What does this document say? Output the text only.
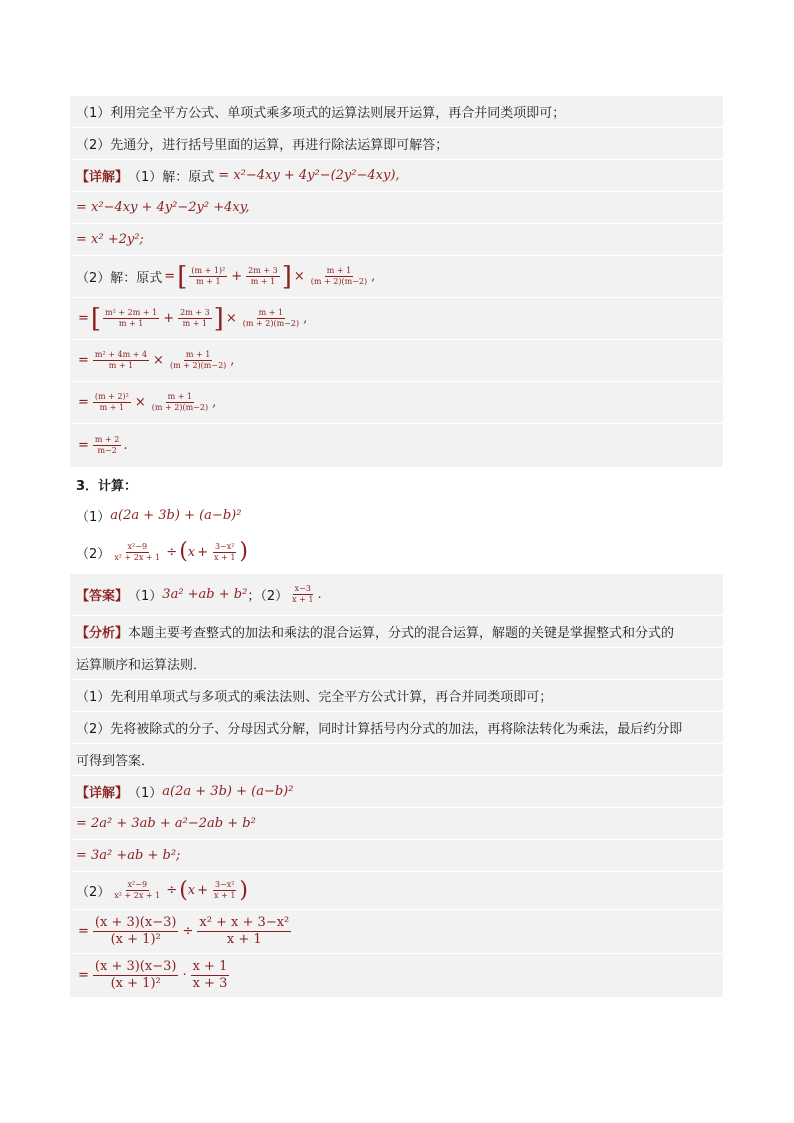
（1）利用完全平方公式、单项式乘多项式的运算法则展开运算，再合并同类项即可；
（2）先通分，进行括号里面的运算，再进行除法运算即可解答；
【详解】 （1）解：原式 = x²−4xy + 4y²−(2y²−4xy),
= x²−4xy + 4y²−2y² +4xy,
= x² +2y²;
（2）解：原式 = [ $\frac{\text{(m + 1)²}}{m + 1} + \frac{2m + 3}{m + 1}$ ] × $\frac{m + 1}{(m + 2)(m-2)}$ ,
= [ $\frac{\text{m² + 2m + 1}}{m + 1} + \frac{2m + 3}{m + 1}$ ] × $\frac{m + 1}{(m + 2)(m-2)}$ ,
= $\frac{\text{m² + 4m + 4}}{m + 1} \times \frac{m + 1}{(m + 2)(m-2)}$ ,
= $\frac{\text{(m + 2)²}}{m + 1} \times \frac{m + 1}{(m + 2)(m-2)}$ ,
= $\frac{m + 2}{m-2}$ .
3．计算：
（1） a(2a + 3b) + (a−b)²
$(2) \frac{\text{x²−9}}{\text{x² + 2x + 1}}$ ÷ ( $x + \frac{\text{3−x²}}{x + 1}$ )
【答案】 （1） 3a² +ab + b² ；$(2) \frac{x-3}{x + 1}$ .
【分析】 本题主要考查整式的加法和乘法的混合运算，分式的混合运算，解题的关键是掌握整式和分式的
运算顺序和运算法则．
（1）先利用单项式与多项式的乘法法则、完全平方公式计算，再合并同类项即可；
（2）先将被除式的分子、分母因式分解，同时计算括号内分式的加法，再将除法转化为乘法，最后约分即
可得到答案．
【详解】 （1） a(2a + 3b) + (a−b)²
= 2a² + 3ab + a²−2ab + b²
= 3a² +ab + b²;
$(2) \frac{\text{x²−9}}{\text{x² + 2x + 1}}$ ÷ ( $x + \frac{\text{3−x²}}{x + 1}$ )
= $\frac{(x + 3)(x-3)}{\text{(x + 1)²}} \div \frac{\text{x² + x + 3−x²}}{x + 1}$
= $\frac{(x + 3)(x-3)}{\text{(x + 1)²}} \cdot \frac{x + 1}{x + 3}$
